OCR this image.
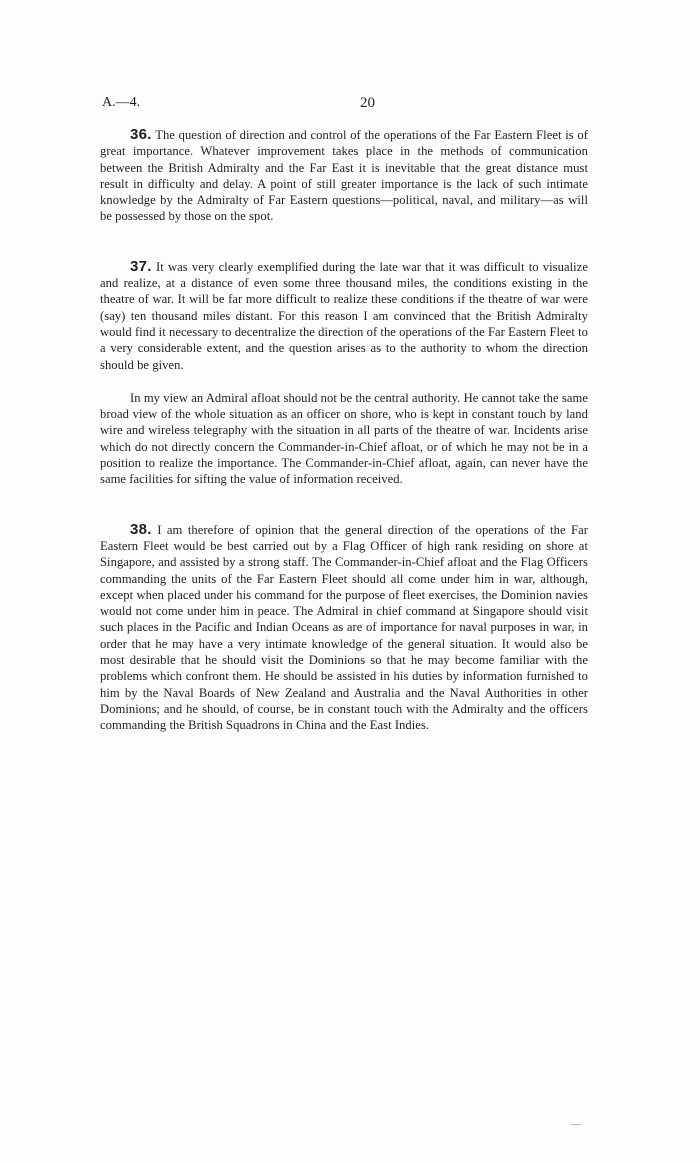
A.—4.	20

36. The question of direction and control of the operations of the Far Eastern Fleet is of great importance. Whatever improvement takes place in the methods of communication between the British Admiralty and the Far East it is inevitable that the great distance must result in difficulty and delay. A point of still greater importance is the lack of such intimate knowledge by the Admiralty of Far Eastern questions—political, naval, and military—as will be possessed by those on the spot.

37. It was very clearly exemplified during the late war that it was difficult to visualize and realize, at a distance of even some three thousand miles, the conditions existing in the theatre of war. It will be far more difficult to realize these conditions if the theatre of war were (say) ten thousand miles distant. For this reason I am convinced that the British Admiralty would find it necessary to decentralize the direction of the operations of the Far Eastern Fleet to a very considerable extent, and the question arises as to the authority to whom the direction should be given.

In my view an Admiral afloat should not be the central authority. He cannot take the same broad view of the whole situation as an officer on shore, who is kept in constant touch by land wire and wireless telegraphy with the situation in all parts of the theatre of war. Incidents arise which do not directly concern the Commander-in-Chief afloat, or of which he may not be in a position to realize the importance. The Commander-in-Chief afloat, again, can never have the same facilities for sifting the value of information received.

38. I am therefore of opinion that the general direction of the operations of the Far Eastern Fleet would be best carried out by a Flag Officer of high rank residing on shore at Singapore, and assisted by a strong staff. The Commander-in-Chief afloat and the Flag Officers commanding the units of the Far Eastern Fleet should all come under him in war, although, except when placed under his command for the purpose of fleet exercises, the Dominion navies would not come under him in peace. The Admiral in chief command at Singapore should visit such places in the Pacific and Indian Oceans as are of importance for naval purposes in war, in order that he may have a very intimate knowledge of the general situation. It would also be most desirable that he should visit the Dominions so that he may become familiar with the problems which confront them. He should be assisted in his duties by information furnished to him by the Naval Boards of New Zealand and Australia and the Naval Authorities in other Dominions; and he should, of course, be in constant touch with the Admiralty and the officers commanding the British Squadrons in China and the East Indies.
